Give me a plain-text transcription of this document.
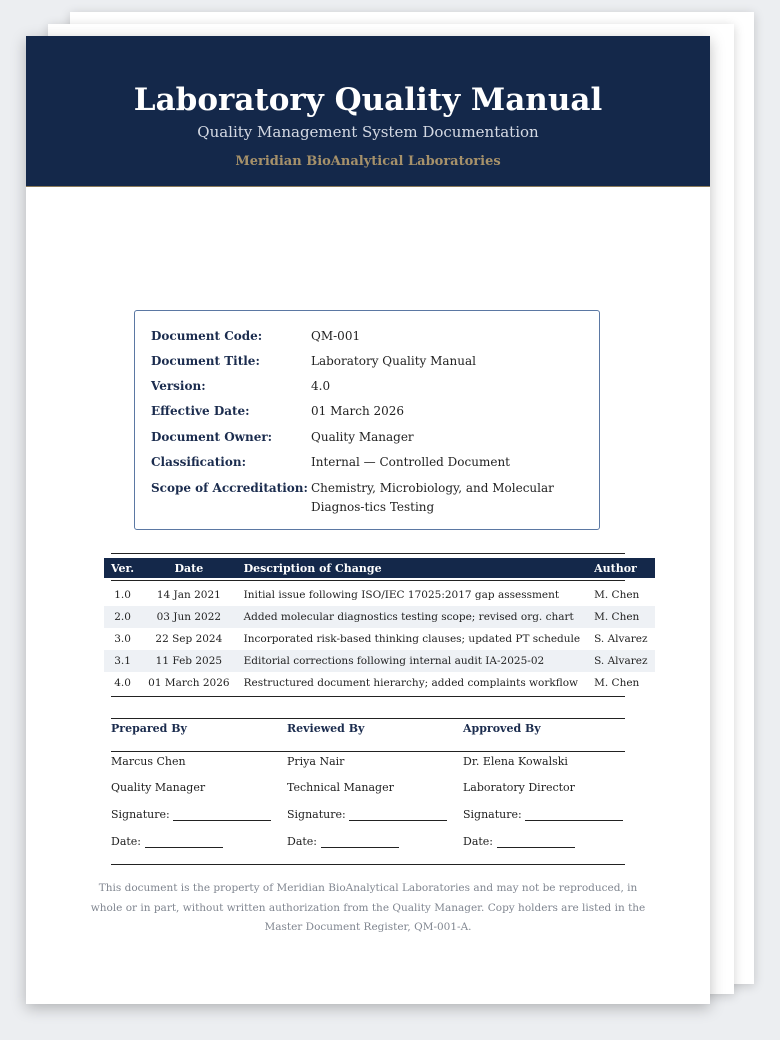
Laboratory Quality Manual
Quality Management System Documentation
Meridian BioAnalytical Laboratories
Document Code:	QM-001
Document Title:	Laboratory Quality Manual
Version:	4.0
Effective Date:	01 March 2026
Document Owner:	Quality Manager
Classification:	Internal — Controlled Document
Scope of Accreditation: Chemistry, Microbiology, and Molecular Diagnos-tics Testing
Ver.	Date	Description of Change	Author

1.0	14 Jan 2021	Initial issue following ISO/IEC 17025:2017 gap assessment	M. Chen
2.0	03 Jun 2022	Added molecular diagnostics testing scope; revised org. chart	M. Chen
3.0	22 Sep 2024	Incorporated risk-based thinking clauses; updated PT schedule	S. Alvarez
3.1	11 Feb 2025	Editorial corrections following internal audit IA-2025-02	S. Alvarez
4.0	01 March 2026	Restructured document hierarchy; added complaints workflow	M. Chen
Prepared By
Marcus Chen
Quality Manager
Signature:
Date:
Reviewed By
Priya Nair
Technical Manager
Signature:
Date:
Approved By
Dr. Elena Kowalski
Laboratory Director
Signature:
Date:
This document is the property of Meridian BioAnalytical Laboratories and may not be reproduced, in whole or in part, without written authorization from the Quality Manager. Copy holders are listed in the Master Document Register, QM-001-A.
